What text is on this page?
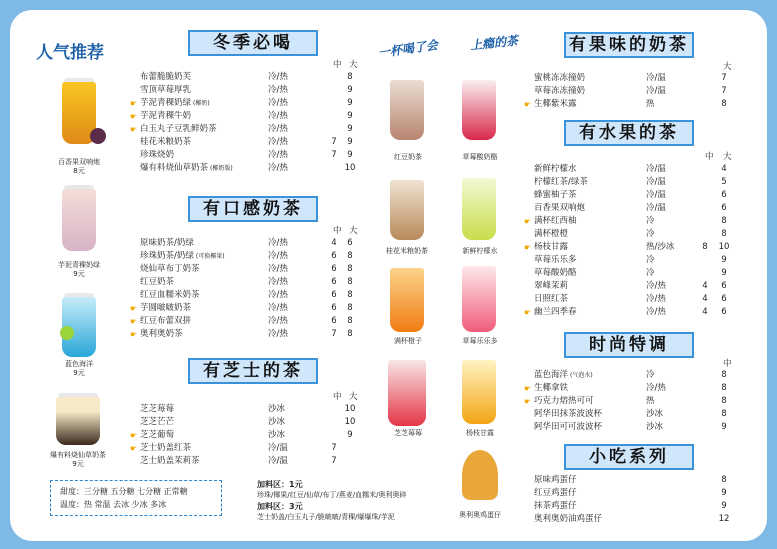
人气推荐	一杯喝了会	上瘾的茶
百香果双响炮
8元
芋泥青稞奶绿
9元
蓝色海洋
9元
爆有料烧仙草奶茶
9元
冬季必喝
中 大
布蕾脆脆奶芙	冷/热	8
雪顶草莓厚乳	冷/热	9
☛ 芋泥青稞奶绿 (椰奶)	冷/热	9
☛ 芋泥青稞牛奶	冷/热	9
☛ 白玉丸子豆乳鲜奶茶	冷/热	9
桂花米粮奶茶	冷/热	7	9
珍珠烧奶	冷/热	7	9
爆有料烧仙草奶茶 (椰奶版)	冷/热	10
有口感奶茶
中 大
原味奶茶/奶绿	冷/热	4	6
珍珠奶茶/奶绿 (可换椰果)	冷/热	6	8
烧仙草布丁奶茶	冷/热	6	8
红豆奶茶	冷/热	6	8
红豆血糯米奶茶	冷/热	6	8
☛ 芋圆啵啵奶茶	冷/热	6	8
☛ 红豆布蕾双拼	冷/热	6	8
☛ 奥利奥奶茶	冷/热	7	8
有芝士的茶
中 大
芝芝莓莓	沙冰	10
芝芝芒芒	沙冰	10
☛ 芝芝葡萄	沙冰	9
☛ 芝士奶盖红茶	冷/温	7
芝士奶盖茉莉茶	冷/温	7
甜度：三分糖 五分糖 七分糖 正常糖
温度：热 常温 去冰 少冰 多冰
加料区：1元
珍珠/椰果/红豆/仙草/布丁/燕麦/血糯米/奥利奥碎
加料区：3元
芝士奶盖/白玉丸子/脆啵啵/青稞/爆爆珠/芋泥
红豆奶茶	草莓酸奶酪
桂花米粮奶茶	新鲜柠檬水
满杯橙子	草莓乐乐多
芝芝莓莓	杨枝甘露
奥利奥鸡蛋仔
有果味的奶茶
大
蜜桃冻冻撞奶	冷/温	7
草莓冻冻撞奶	冷/温	7
☛ 生椰紫米露	热	8
有水果的茶
中 大
新鲜柠檬水	冷/温	4
柠檬红茶/绿茶	冷/温	5
蜂蜜柚子茶	冷/温	6
百香果双响炮	冷/温	6
☛ 满杯红西柚	冷	8
满杯橙橙	冷	8
☛ 杨枝甘露	热/沙冰	8	10
草莓乐乐多	冷	9
草莓酸奶酪	冷	9
翠峰茉莉	冷/热	4	6
日照红茶	冷/热	4	6
☛ 幽兰四季春	冷/热	4	6
时尚特调
中
蓝色海洋 (气泡水)	冷	8
☛ 生椰拿铁	冷/热	8
☛ 巧克力熔热可可	热	8
阿华田抹茶波波杯	沙冰	8
阿华田可可波波杯	沙冰	9
小吃系列
原味鸡蛋仔	8
红豆鸡蛋仔	9
抹茶鸡蛋仔	9
奥利奥奶油鸡蛋仔	12
